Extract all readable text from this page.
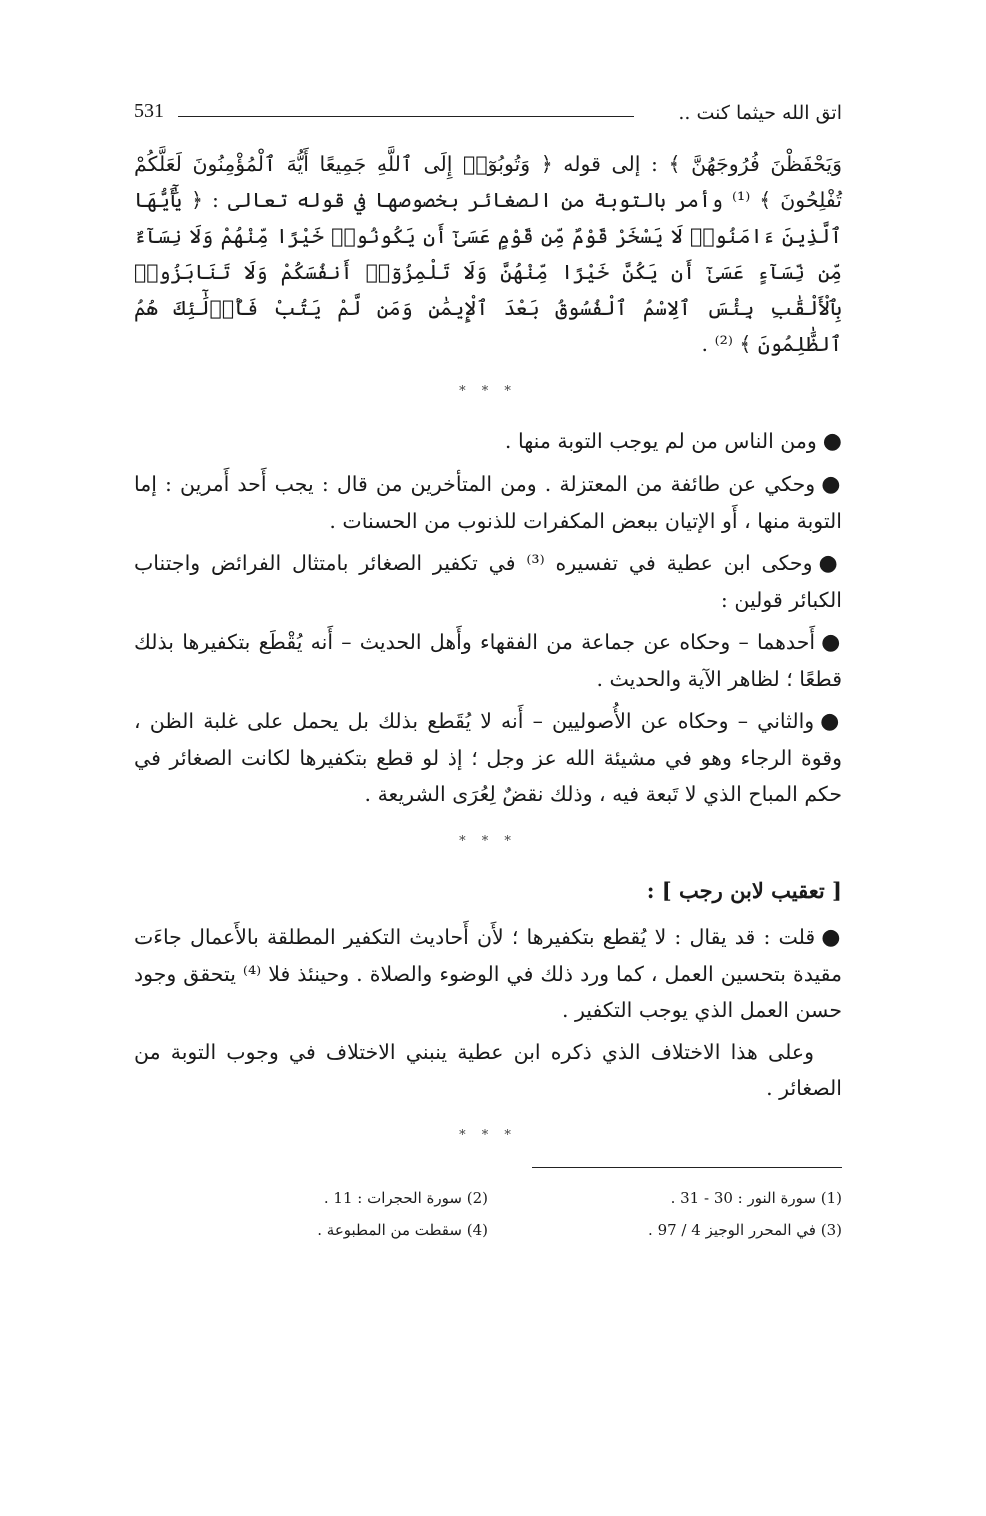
اتق الله حيثما كنت ..
531

وَيَحْفَظْنَ فُرُوجَهُنَّ ﴾ : إلى قوله ﴿ وَتُوبُوٓا۟ إِلَى ٱللَّهِ جَمِيعًا أَيُّهَ ٱلْمُؤْمِنُونَ لَعَلَّكُمْ تُفْلِحُونَ ﴾ ⁽¹⁾ وأمر بالتوبة من الصغائر بخصوصها في قوله تعالى : ﴿ يَٰٓأَيُّهَا ٱلَّذِينَ ءَامَنُوا۟ لَا يَسْخَرْ قَوْمٌ مِّن قَوْمٍ عَسَىٰٓ أَن يَكُونُوا۟ خَيْرًا مِّنْهُمْ وَلَا نِسَآءٌ مِّن نِّسَآءٍ عَسَىٰٓ أَن يَكُنَّ خَيْرًا مِّنْهُنَّ وَلَا تَلْمِزُوٓا۟ أَنفُسَكُمْ وَلَا تَنَابَزُوا۟ بِٱلْأَلْقَٰبِ بِئْسَ ٱلِاسْمُ ٱلْفُسُوقُ بَعْدَ ٱلْإِيمَٰنِ وَمَن لَّمْ يَتُبْ فَأُو۟لَٰٓئِكَ هُمُ ٱلظَّٰلِمُونَ ﴾ ⁽²⁾ .

* * *

●ومن الناس من لم يوجب التوبة منها .

●وحكي عن طائفة من المعتزلة . ومن المتأخرين من قال : يجب أَحد أَمرين : إما التوبة منها ، أَو الإتيان ببعض المكفرات للذنوب من الحسنات .

●وحكى ابن عطية في تفسيره ⁽³⁾ في تكفير الصغائر بامتثال الفرائض واجتناب الكبائر قولين :

●أَحدهما – وحكاه عن جماعة من الفقهاء وأَهل الحديث – أَنه يُقْطَع بتكفيرها بذلك قطعًا ؛ لظاهر الآية والحديث .

●والثاني – وحكاه عن الأُصوليين – أَنه لا يُقَطع بذلك بل يحمل على غلبة الظن ، وقوة الرجاء وهو في مشيئة الله عز وجل ؛ إذ لو قطع بتكفيرها لكانت الصغائر في حكم المباح الذي لا تَبعة فيه ، وذلك نقضٌ لِعُرَى الشريعة .

* * *
[ تعقيب لابن رجب ] :

●قلت : قد يقال : لا يُقطع بتكفيرها ؛ لأَن أَحاديث التكفير المطلقة بالأَعمال جاءَت مقيدة بتحسين العمل ، كما ورد ذلك في الوضوء والصلاة . وحينئذ فلا ⁽⁴⁾ يتحقق وجود حسن العمل الذي يوجب التكفير .

وعلى هذا الاختلاف الذي ذكره ابن عطية ينبني الاختلاف في وجوب التوبة من الصغائر .

* * *
(1) سورة النور : 30 - 31 .
(2) سورة الحجرات : 11 .
(3) في المحرر الوجيز 4 / 97 .
(4) سقطت من المطبوعة .
